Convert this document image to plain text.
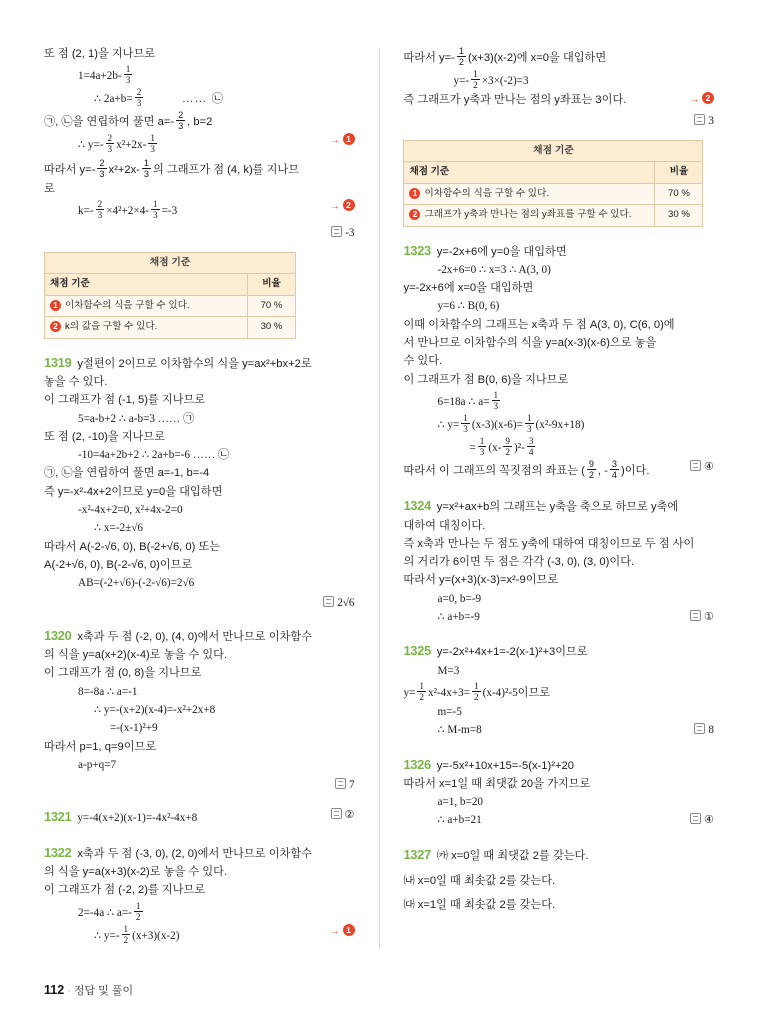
또 점 (2, 1)을 지나므로
$1=4a+2b- \frac{1}{3}$
∴ $2a+b= \frac{2}{3}$	…… ㉡
㉠, ㉡을 연립하여 풀면 $a=- \frac{2}{3}$ , b=2
∴ $y=- \frac{2}{3} x^2+2x- \frac{1}{3}$	→ 1
따라서 $y=- \frac{2}{3} x^2+2x- \frac{1}{3}$ 의 그래프가 점 (4, k)를 지나므
로
$k=- \frac{2}{3} \times 4^2+2\times 4- \frac{1}{3} =-3$	→ 2
-3
채점 기준
채점 기준	비율
1 이차함수의 식을 구할 수 있다.	70 %
2 k의 값을 구할 수 있다.	30 %
1319 y절편이 2이므로 이차함수의 식을 y=ax²+bx+2로
놓을 수 있다.
이 그래프가 점 (-1, 5)를 지나므로
5=a-b+2 ∴ a-b=3 …… ㉠
또 점 (2, -10)을 지나므로
-10=4a+2b+2 ∴ 2a+b=-6 …… ㉡
㉠, ㉡을 연립하여 풀면 a=-1, b=-4
즉 y=-x²-4x+2이므로 y=0을 대입하면
-x²-4x+2=0, x²+4x-2=0
∴ x=-2±√6
따라서 A(-2-√6, 0), B(-2+√6, 0) 또는
A(-2+√6, 0), B(-2-√6, 0)이므로
AB=(-2+√6)-(-2-√6)=2√6
2√6
1320 x축과 두 점 (-2, 0), (4, 0)에서 만나므로 이차함수
의 식을 y=a(x+2)(x-4)로 놓을 수 있다.
이 그래프가 점 (0, 8)을 지나므로
8=-8a ∴ a=-1
∴ y=-(x+2)(x-4)=-x²+2x+8
=-(x-1)²+9
따라서 p=1, q=9이므로
a-p+q=7
7
1321 y=-4(x+2)(x-1)=-4x²-4x+8	②
1322 x축과 두 점 (-3, 0), (2, 0)에서 만나므로 이차함수
의 식을 y=a(x+3)(x-2)로 놓을 수 있다.
이 그래프가 점 (-2, 2)를 지나므로
2=-4a ∴ $a=- \frac{1}{2}$
∴ $y=- \frac{1}{2} (x+3)(x-2)$	→ 1
따라서 $y=- \frac{1}{2} (x+3)(x-2)$에 x=0을 대입하면
$y=- \frac{1}{2} \times 3\times(-2)=3$
즉 그래프가 y축과 만나는 점의 y좌표는 3이다.	→ 2
3
채점 기준
채점 기준	비율
1 이차함수의 식을 구할 수 있다.	70 %
2 그래프가 y축과 만나는 점의 y좌표를 구할 수 있다.	30 %
1323 y=-2x+6에 y=0을 대입하면
-2x+6=0 ∴ x=3 ∴ A(3, 0)
y=-2x+6에 x=0을 대입하면
y=6 ∴ B(0, 6)
이때 이차함수의 그래프는 x축과 두 점 A(3, 0), C(6, 0)에
서 만나므로 이차함수의 식을 y=a(x-3)(x-6)으로 놓을
수 있다.
이 그래프가 점 B(0, 6)을 지나므로
6=18a ∴ $a= \frac{1}{3}$
∴ $y= \frac{1}{3} (x-3)(x-6)= \frac{1}{3} (x^2-9x+18)$
= $\frac{1}{3} (x- \frac{9}{2} )^2- \frac{3}{4}$
따라서 이 그래프의 꼭짓점의 좌표는 ( $\frac{9}{2}$ , - $\frac{3}{4}$ )이다.	④
1324 y=x²+ax+b의 그래프는 y축을 축으로 하므로 y축에
대하여 대칭이다.
즉 x축과 만나는 두 점도 y축에 대하여 대칭이므로 두 점 사이
의 거리가 6이면 두 점은 각각 (-3, 0), (3, 0)이다.
따라서 y=(x+3)(x-3)=x²-9이므로
a=0, b=-9
∴ a+b=-9	①
1325 y=-2x²+4x+1=-2(x-1)²+3이므로
M=3
$y= \frac{1}{2} x^2-4x+3= \frac{1}{2} (x-4)^2-5$이므로
m=-5
∴ M-m=8	8
1326 y=-5x²+10x+15=-5(x-1)²+20
따라서 x=1일 때 최댓값 20을 가지므로
a=1, b=20
∴ a+b=21	④
1327 ㈎ x=0일 때 최댓값 2를 갖는다.
㈏ x=0일 때 최솟값 2를 갖는다.
㈐ x=1일 때 최솟값 2를 갖는다.
112 · 정답 및 풀이
